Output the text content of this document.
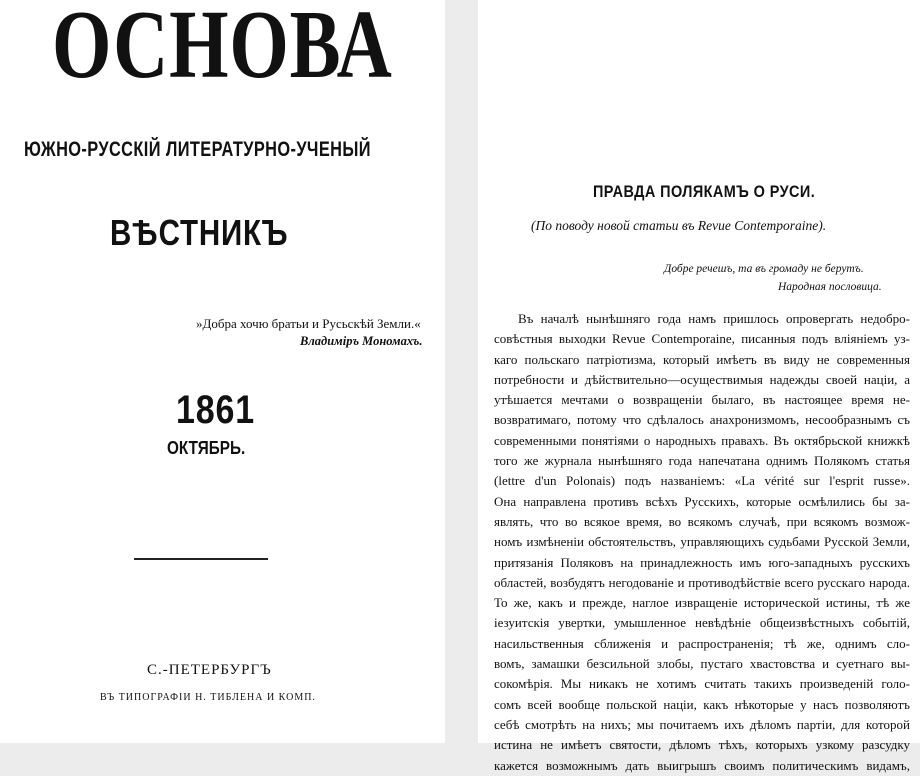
ОСНОВА
ЮЖНО-РУССКІЙ ЛИТЕРАТУРНО-УЧЕНЫЙ
ВѢСТНИКЪ
»Добра хочю братьи и Русьскѣй Земли.«
Владиміръ Мономахъ.
1861
ОКТЯБРЬ.
С.-ПЕТЕРБУРГЪ
ВЪ ТИПОГРАФІИ Н. ТИБЛЕНА И КОМП.
ПРАВДА ПОЛЯКАМЪ О РУСИ.
(По поводу новой статьи въ Revue Contemporaine).
Добре речешъ, та въ громаду не берутъ.
Народная пословица.
Въ началѣ нынѣшняго года намъ пришлось опровергать недобро-
совѣстныя выходки Revue Contemporaine, писанныя подъ вліяніемъ уз-
каго польскаго патріотизма, который имѣетъ въ виду не современныя
потребности и дѣйствительно—осуществимыя надежды своей націи, а
утѣшается мечтами о возвращеніи былаго, въ настоящее время не-
возвратимаго, потому что сдѣлалось анахронизмомъ, несообразнымъ съ
современными понятіями о народныхъ правахъ. Въ октябрьской книжкѣ
того же журнала нынѣшняго года напечатана однимъ Полякомъ статья
(lettre d'un Polonais) подъ названіемъ: «La vérité sur l'esprit russe».
Она направлена противъ всѣхъ Русскихъ, которые осмѣлились бы за-
являть, что во всякое время, во всякомъ случаѣ, при всякомъ возмож-
номъ измѣненіи обстоятельствъ, управляющихъ судьбами Русской Земли,
притязанія Поляковъ на принадлежность имъ юго-западныхъ русскихъ
областей, возбудятъ негодованіе и противодѣйствіе всего русскаго народа.
То же, какъ и прежде, наглое извращеніе исторической истины, тѣ же
іезуитскія увертки, умышленное невѣдѣніе общеизвѣстныхъ событій,
насильственныя сближенія и распространенія; тѣ же, однимъ сло-
вомъ, замашки безсильной злобы, пустаго хвастовства и суетнаго вы-
сокомѣрія. Мы никакъ не хотимъ считать такихъ произведеній голо-
сомъ всей вообще польской націи, какъ нѣкоторые у насъ позволяютъ
себѣ смотрѣть на нихъ; мы почитаемъ ихъ дѣломъ партіи, для которой
истина не имѣетъ святости, дѣломъ тѣхъ, которыхъ узкому разсудку
кажется возможнымъ дать выигрышъ своимъ политическимъ видамъ,
